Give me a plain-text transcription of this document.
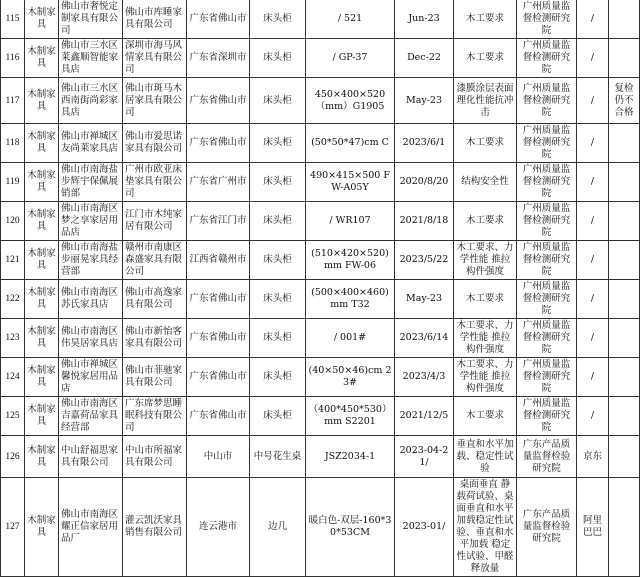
115	木制家具	佛山市奢悦定制家具有限公司	佛山市库睡家具有限公司	广东省佛山市	床头柜	/ 521	Jun-23	木工要求	广州质量监督检测研究院	/	
116	木制家具	佛山市三水区莱鑫顺智能家具店	深圳市海马风情家具有限公司	广东省深圳市	床头柜	/ GP-37	Dec-22	木工要求	广州质量监督检测研究院	/	
117	木制家具	佛山市三水区西南街尚彩家具店	佛山市斑马木居家具有限公司	广东省佛山市	床头柜	450×400×520（mm）G1905	May-23	漆膜涂层表面理化性能抗冲击	广州质量监督检测研究院	/	复检仍不合格
118	木制家具	佛山市禅城区友尚莱家具店	佛山市爱思诺家具有限公司	广东省佛山市	床头柜	(50*50*47)cm C	2023/6/1	木工要求	广州质量监督检测研究院	/	
119	木制家具	佛山市南海盐步辉宇保佩展销部	广州市欧亚床垫家具有限公司	广东省广州市	床头柜	490×415×500 FW-A05Y	2020/8/20	结构安全性	广州质量监督检测研究院	/	
120	木制家具	佛山市南海区梦之享家居用品店	江门市木纯家居有限公司	广东省江门市	床头柜	/ WR107	2021/8/18	木工要求	广州质量监督检测研究院	/	
121	木制家具	佛山市南海盐步丽晃家具经营部	赣州市南康区森盛家具有限公司	江西省赣州市	床头柜	(510×420×520) mm FW-06	2023/5/22	木工要求、力学性能 推拉构件强度	广州质量监督检测研究院	/	
122	木制家具	佛山市南海区苏氏家具店	佛山市高逸家具有限公司	广东省佛山市	床头柜	(500×400×460) mm T32	May-23	木工要求	广州质量监督检测研究院	/	
123	木制家具	佛山市南海区伟昊居家具店	佛山市新怡客家具有限公司	广东省佛山市	床头柜	/ 001#	2023/6/14	木工要求、力学性能 推拉构件强度	广州质量监督检测研究院	/	
124	木制家具	佛山市禅城区馨悦家居用品店	佛山市菲驰家具有限公司	广东省佛山市	床头柜	(40×50×46)cm 23#	2023/4/3	木工要求、力学性能 推拉构件强度	广州质量监督检测研究院	/	
125	木制家具	佛山市南海区吉嘉荷品家具经营部	广东席梦思睡眠科技有限公司	广东省佛山市	床头柜	（400*450*530）mm S2201	2021/12/5	木工要求	广州质量监督检测研究院	/	
126	木制家具	中山舒福思家具有限公司	中山市所福家具有限公司	中山市	中号花生桌	JSZ2034-1	2023-04-21/	垂直和水平加载、稳定性试验	广东产品质量监督检验研究院	京东	
127	木制家具	佛山市南海区耀正信家居用品厂	灌云凯沃家具销售有限公司	连云港市	边几	暖白色-双层-160*30*53CM	2023-01/	桌面垂直 静载荷试验、桌面垂直和水平加载稳定性试验、垂直和水平加载 稳定性试验、甲醛释放量	广东产品质量监督检验研究院	阿里巴巴	
